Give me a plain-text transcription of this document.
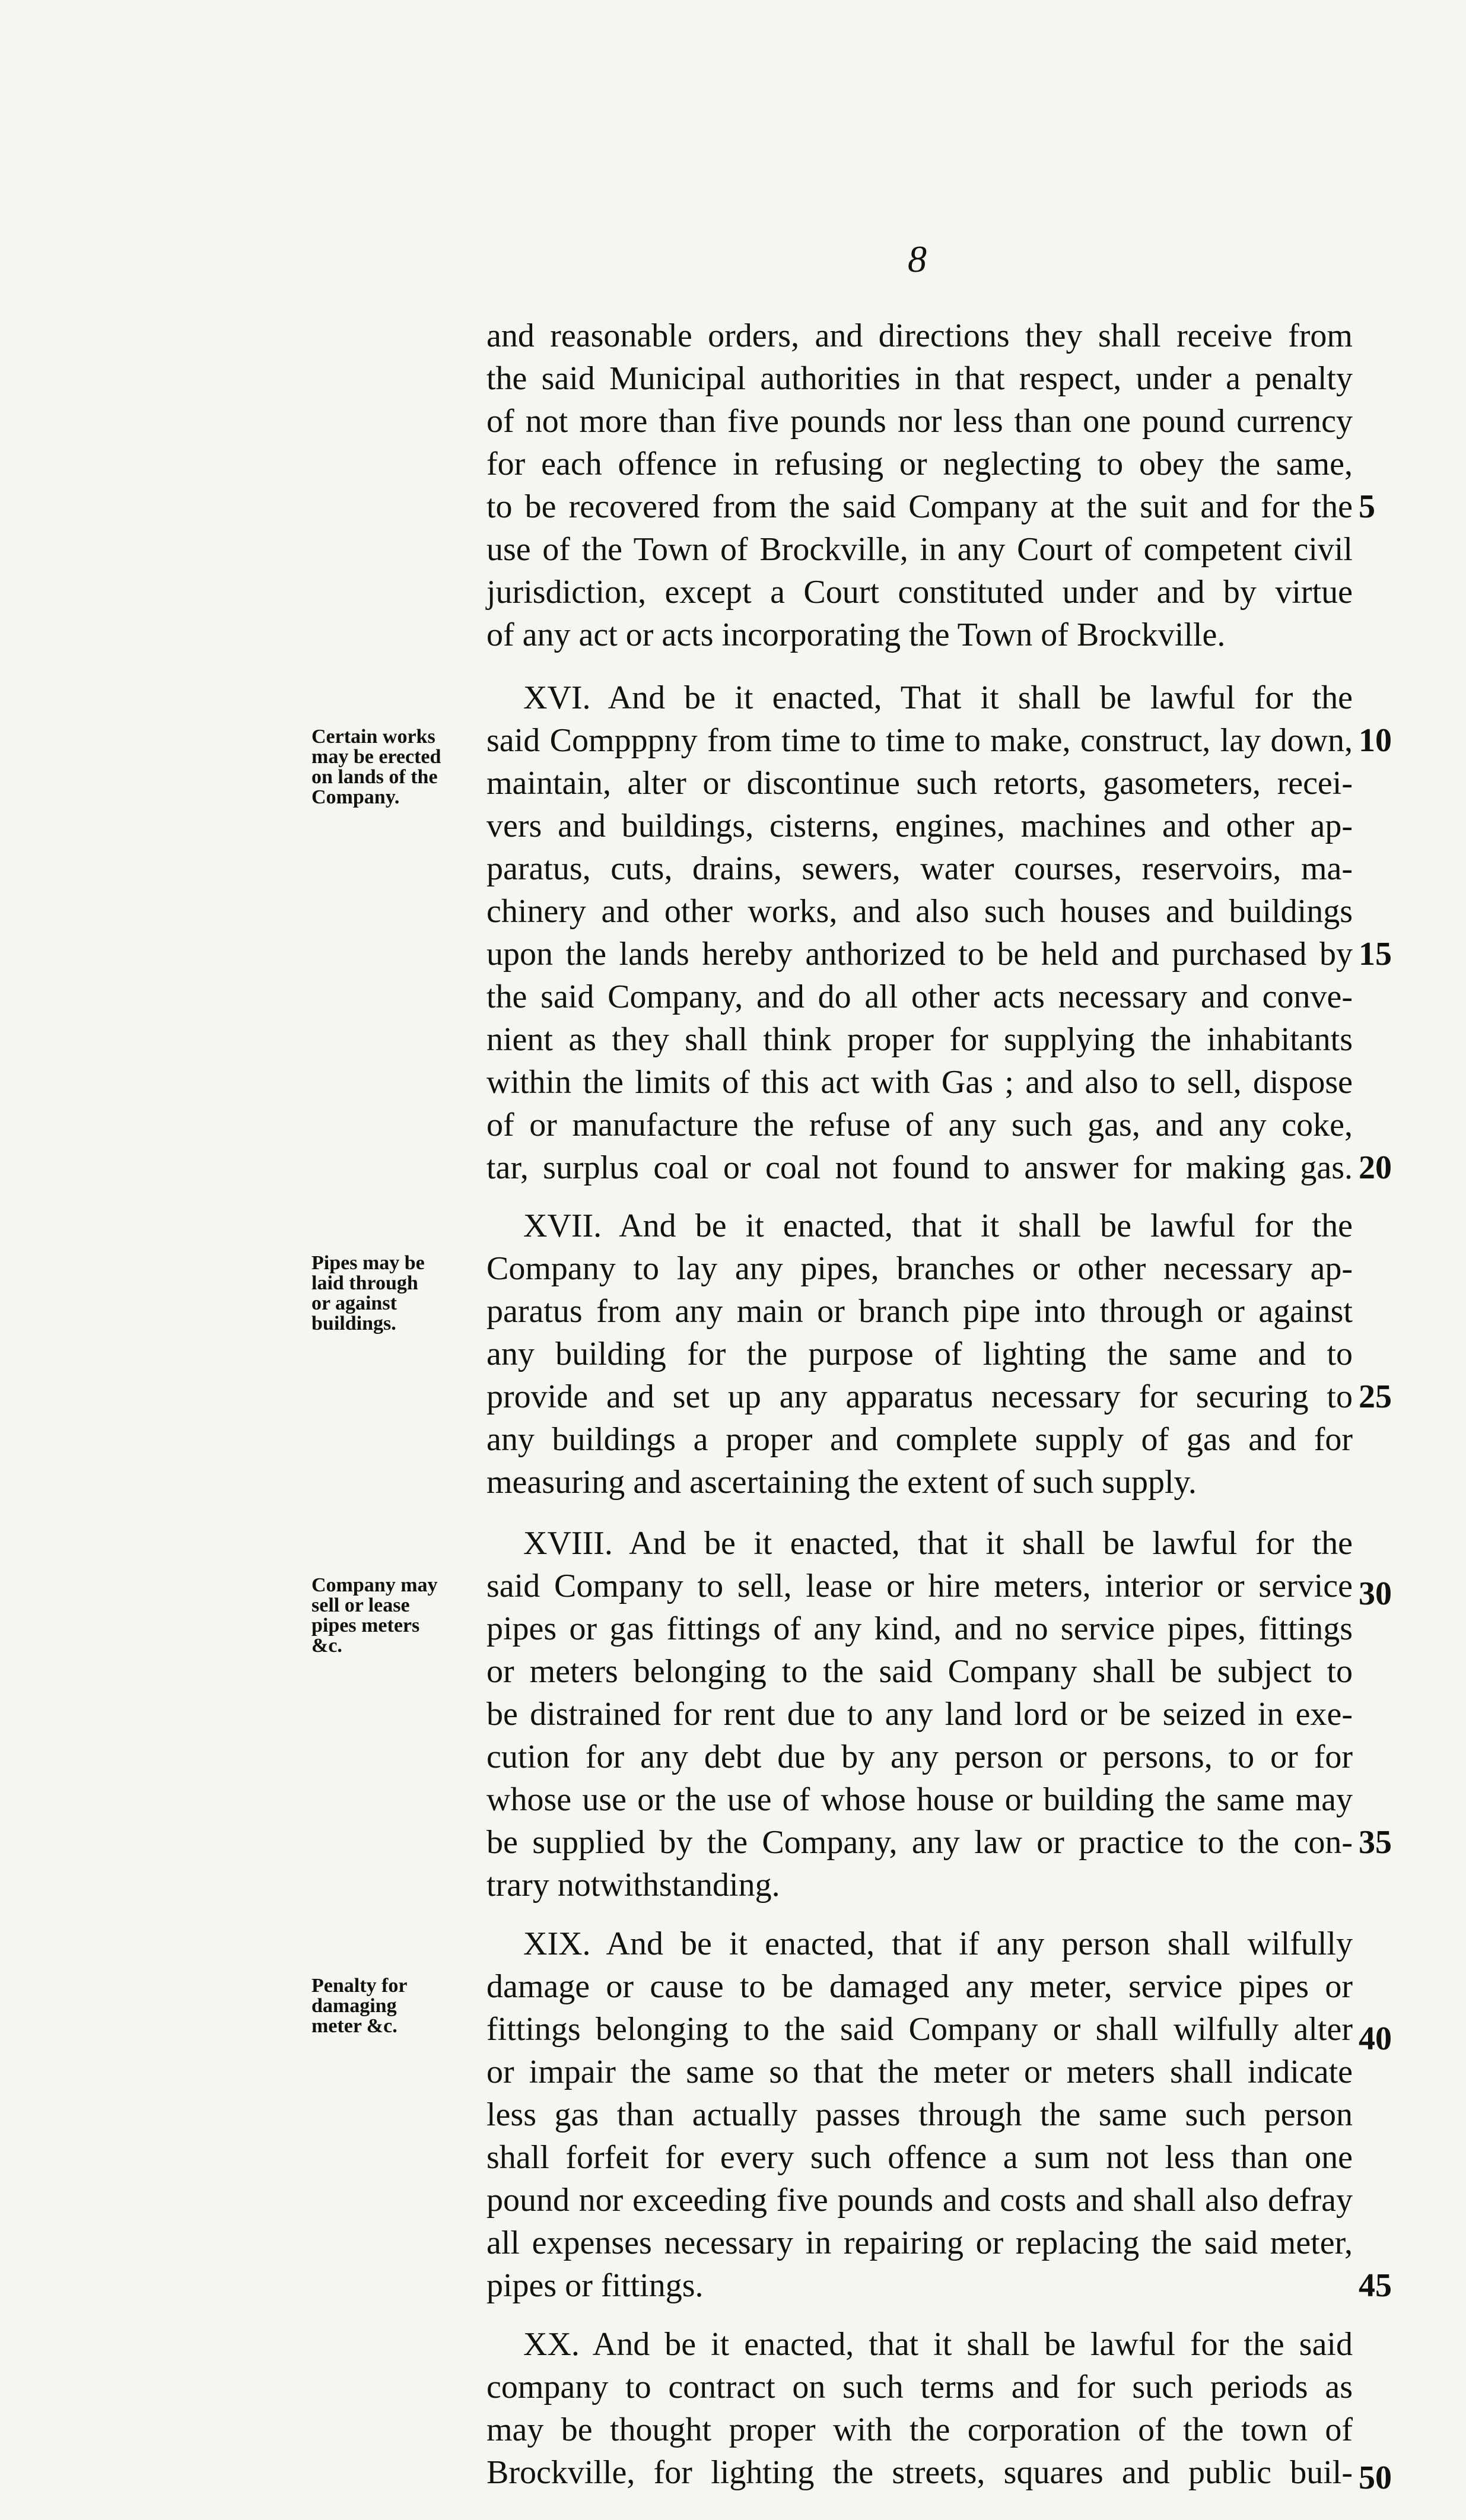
8
and reasonable orders, and directions they shall receive from
the said Municipal authorities in that respect, under a penalty
of not more than five pounds nor less than one pound currency
for each offence in refusing or neglecting to obey the same,
to be recovered from the said Company at the suit and for the
use of the Town of Brockville, in any Court of competent civil
jurisdiction, except a Court constituted under and by virtue
of any act or acts incorporating the Town of Brockville.
XVI. And be it enacted, That it shall be lawful for the
said Compppny from time to time to make, construct, lay down,
maintain, alter or discontinue such retorts, gasometers, recei-
vers and buildings, cisterns, engines, machines and other ap-
paratus, cuts, drains, sewers, water courses, reservoirs, ma-
chinery and other works, and also such houses and buildings
upon the lands hereby anthorized to be held and purchased by
the said Company, and do all other acts necessary and conve-
nient as they shall think proper for supplying the inhabitants
within the limits of this act with Gas ; and also to sell, dispose
of or manufacture the refuse of any such gas, and any coke,
tar, surplus coal or coal not found to answer for making gas.
XVII. And be it enacted, that it shall be lawful for the
Company to lay any pipes, branches or other necessary ap-
paratus from any main or branch pipe into through or against
any building for the purpose of lighting the same and to
provide and set up any apparatus necessary for securing to
any buildings a proper and complete supply of gas and for
measuring and ascertaining the extent of such supply.
XVIII. And be it enacted, that it shall be lawful for the
said Company to sell, lease or hire meters, interior or service
pipes or gas fittings of any kind, and no service pipes, fittings
or meters belonging to the said Company shall be subject to
be distrained for rent due to any land lord or be seized in exe-
cution for any debt due by any person or persons, to or for
whose use or the use of whose house or building the same may
be supplied by the Company, any law or practice to the con-
trary notwithstanding.
XIX. And be it enacted, that if any person shall wilfully
damage or cause to be damaged any meter, service pipes or
fittings belonging to the said Company or shall wilfully alter
or impair the same so that the meter or meters shall indicate
less gas than actually passes through the same such person
shall forfeit for every such offence a sum not less than one
pound nor exceeding five pounds and costs and shall also defray
all expenses necessary in repairing or replacing the said meter,
pipes or fittings.
XX. And be it enacted, that it shall be lawful for the said
company to contract on such terms and for such periods as
may be thought proper with the corporation of the town of
Brockville, for lighting the streets, squares and public buil-
5
10
15
20
25
30
35
40
45
50
Certain works
may be erected
on lands of the
Company.
Pipes may be
laid through
or against
buildings.
Company may
sell or lease
pipes meters
&c.
Penalty for
damaging
meter &c.
